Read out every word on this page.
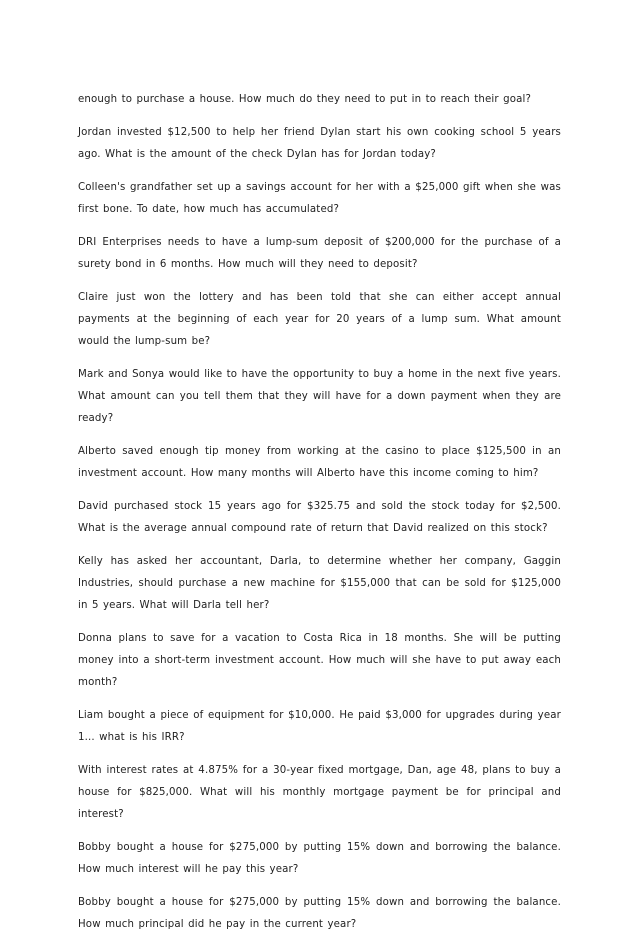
enough to purchase a house. How much do they need to put in to reach their goal?

Jordan invested $12,500 to help her friend Dylan start his own cooking school 5 years ago. What is the amount of the check Dylan has for Jordan today?

Colleen's grandfather set up a savings account for her with a $25,000 gift when she was first bone. To date, how much has accumulated?

DRI Enterprises needs to have a lump-sum deposit of $200,000 for the purchase of a surety bond in 6 months. How much will they need to deposit?

Claire just won the lottery and has been told that she can either accept annual payments at the beginning of each year for 20 years of a lump sum. What amount would the lump-sum be?

Mark and Sonya would like to have the opportunity to buy a home in the next five years. What amount can you tell them that they will have for a down payment when they are ready?

Alberto saved enough tip money from working at the casino to place $125,500 in an investment account. How many months will Alberto have this income coming to him?

David purchased stock 15 years ago for $325.75 and sold the stock today for $2,500. What is the average annual compound rate of return that David realized on this stock?

Kelly has asked her accountant, Darla, to determine whether her company, Gaggin Industries, should purchase a new machine for $155,000 that can be sold for $125,000 in 5 years. What will Darla tell her?

Donna plans to save for a vacation to Costa Rica in 18 months. She will be putting money into a short-term investment account. How much will she have to put away each month?

Liam bought a piece of equipment for $10,000. He paid $3,000 for upgrades during year 1... what is his IRR?

With interest rates at 4.875% for a 30-year fixed mortgage, Dan, age 48, plans to buy a house for $825,000. What will his monthly mortgage payment be for principal and interest?

Bobby bought a house for $275,000 by putting 15% down and borrowing the balance. How much interest will he pay this year?

Bobby bought a house for $275,000 by putting 15% down and borrowing the balance. How much principal did he pay in the current year?
